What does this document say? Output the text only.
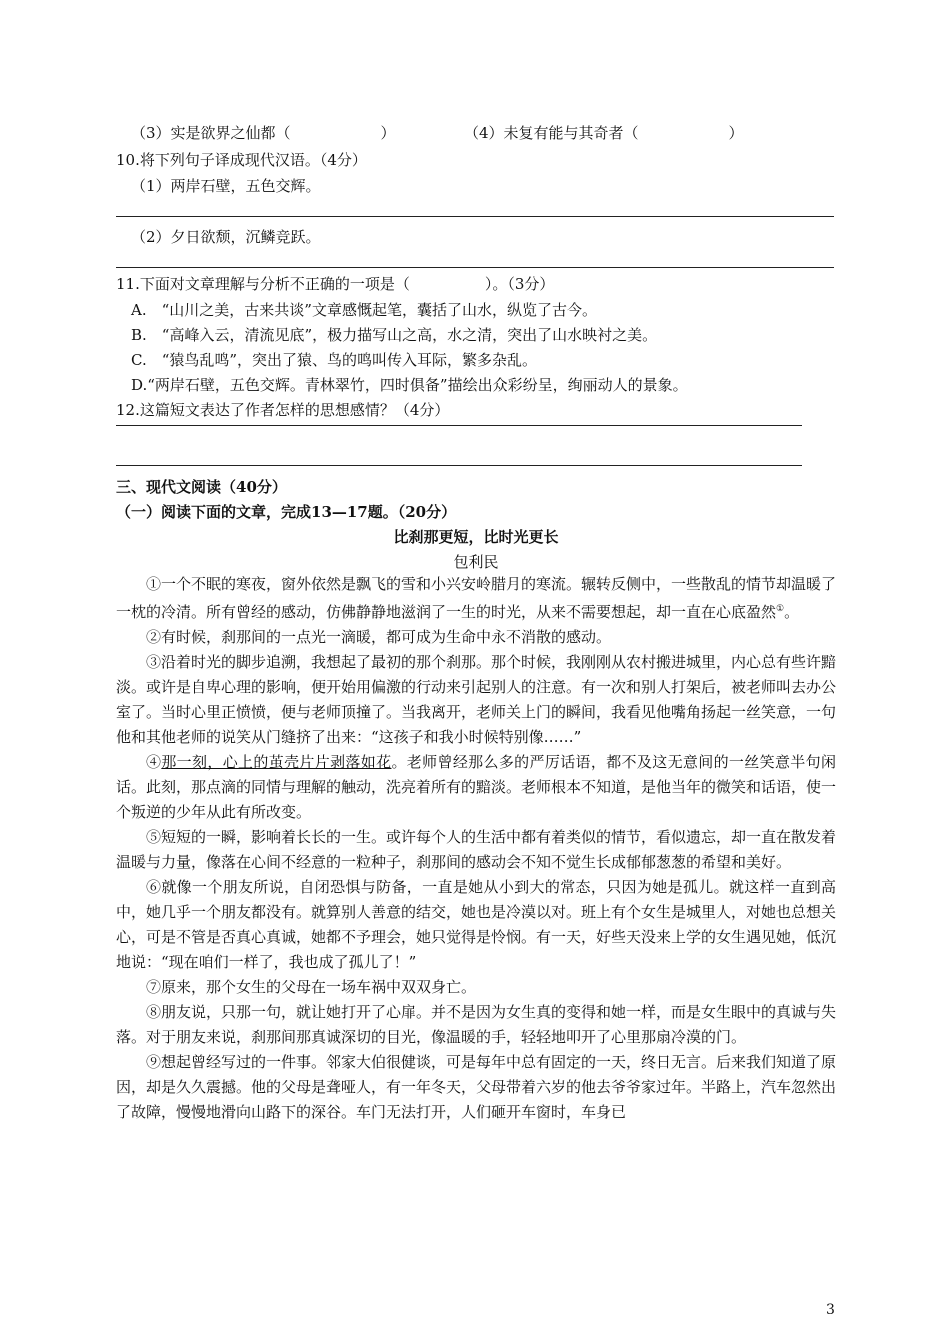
（3）实是欲界之仙都（　　　　　　）	（4）未复有能与其奇者（　　　　　　）
10.将下列句子译成现代汉语。（4分）
（1）两岸石壁，五色交辉。
（2）夕日欲颓，沉鳞竞跃。
11.下面对文章理解与分析不正确的一项是（　　　　　）。（3分）
A.　“山川之美，古来共谈”文章感慨起笔，囊括了山水，纵览了古今。
B.　“高峰入云，清流见底”，极力描写山之高，水之清，突出了山水映衬之美。
C.　“猿鸟乱鸣”，突出了猿、鸟的鸣叫传入耳际，繁多杂乱。
D.“两岸石壁，五色交辉。青林翠竹，四时俱备”描绘出众彩纷呈，绚丽动人的景象。
12.这篇短文表达了作者怎样的思想感情？（4分）
三、现代文阅读（40分）
（一）阅读下面的文章，完成13—17题。（20分）
比刹那更短，比时光更长
包利民

①一个不眠的寒夜，窗外依然是飘飞的雪和小兴安岭腊月的寒流。辗转反侧中，一些散乱的情节却温暖了一枕的冷清。所有曾经的感动，仿佛静静地滋润了一生的时光，从来不需要想起，却一直在心底盈然①。

②有时候，刹那间的一点光一滴暖，都可成为生命中永不消散的感动。

③沿着时光的脚步追溯，我想起了最初的那个刹那。那个时候，我刚刚从农村搬进城里，内心总有些许黯淡。或许是自卑心理的影响，便开始用偏激的行动来引起别人的注意。有一次和别人打架后，被老师叫去办公室了。当时心里正愤愤，便与老师顶撞了。当我离开，老师关上门的瞬间，我看见他嘴角扬起一丝笑意，一句他和其他老师的说笑从门缝挤了出来：“这孩子和我小时候特别像……”

④那一刻，心上的茧壳片片剥落如花。老师曾经那么多的严厉话语，都不及这无意间的一丝笑意半句闲话。此刻，那点滴的同情与理解的触动，洗亮着所有的黯淡。老师根本不知道，是他当年的微笑和话语，使一个叛逆的少年从此有所改变。

⑤短短的一瞬，影响着长长的一生。或许每个人的生活中都有着类似的情节，看似遗忘，却一直在散发着温暖与力量，像落在心间不经意的一粒种子，刹那间的感动会不知不觉生长成郁郁葱葱的希望和美好。

⑥就像一个朋友所说，自闭恐惧与防备，一直是她从小到大的常态，只因为她是孤儿。就这样一直到高中，她几乎一个朋友都没有。就算别人善意的结交，她也是冷漠以对。班上有个女生是城里人，对她也总想关心，可是不管是否真心真诚，她都不予理会，她只觉得是怜悯。有一天，好些天没来上学的女生遇见她，低沉地说：“现在咱们一样了，我也成了孤儿了！”

⑦原来，那个女生的父母在一场车祸中双双身亡。

⑧朋友说，只那一句，就让她打开了心扉。并不是因为女生真的变得和她一样，而是女生眼中的真诚与失落。对于朋友来说，刹那间那真诚深切的目光，像温暖的手，轻轻地叩开了心里那扇冷漠的门。

⑨想起曾经写过的一件事。邻家大伯很健谈，可是每年中总有固定的一天，终日无言。后来我们知道了原因，却是久久震撼。他的父母是聋哑人，有一年冬天，父母带着六岁的他去爷爷家过年。半路上，汽车忽然出了故障，慢慢地滑向山路下的深谷。车门无法打开，人们砸开车窗时，车身已

3
